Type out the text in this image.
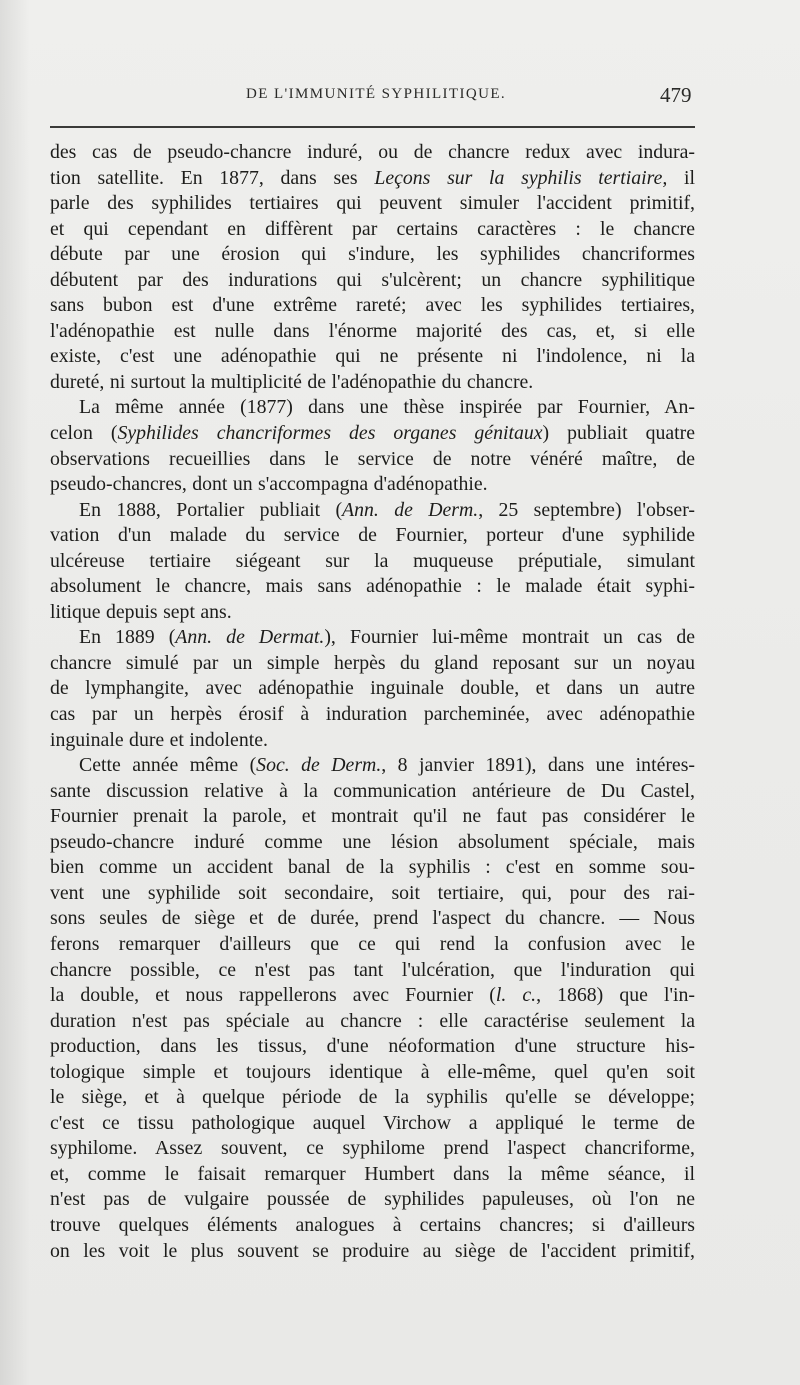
DE L'IMMUNITÉ SYPHILITIQUE.	479
des cas de pseudo-chancre induré, ou de chancre redux avec indura-
tion satellite. En 1877, dans ses Leçons sur la syphilis tertiaire, il
parle des syphilides tertiaires qui peuvent simuler l'accident primitif,
et qui cependant en diffèrent par certains caractères : le chancre
débute par une érosion qui s'indure, les syphilides chancriformes
débutent par des indurations qui s'ulcèrent; un chancre syphilitique
sans bubon est d'une extrême rareté; avec les syphilides tertiaires,
l'adénopathie est nulle dans l'énorme majorité des cas, et, si elle
existe, c'est une adénopathie qui ne présente ni l'indolence, ni la
dureté, ni surtout la multiplicité de l'adénopathie du chancre.
La même année (1877) dans une thèse inspirée par Fournier, An-
celon (Syphilides chancriformes des organes génitaux) publiait quatre
observations recueillies dans le service de notre vénéré maître, de
pseudo-chancres, dont un s'accompagna d'adénopathie.
En 1888, Portalier publiait (Ann. de Derm., 25 septembre) l'obser-
vation d'un malade du service de Fournier, porteur d'une syphilide
ulcéreuse tertiaire siégeant sur la muqueuse préputiale, simulant
absolument le chancre, mais sans adénopathie : le malade était syphi-
litique depuis sept ans.
En 1889 (Ann. de Dermat.), Fournier lui-même montrait un cas de
chancre simulé par un simple herpès du gland reposant sur un noyau
de lymphangite, avec adénopathie inguinale double, et dans un autre
cas par un herpès érosif à induration parcheminée, avec adénopathie
inguinale dure et indolente.
Cette année même (Soc. de Derm., 8 janvier 1891), dans une intéres-
sante discussion relative à la communication antérieure de Du Castel,
Fournier prenait la parole, et montrait qu'il ne faut pas considérer le
pseudo-chancre induré comme une lésion absolument spéciale, mais
bien comme un accident banal de la syphilis : c'est en somme sou-
vent une syphilide soit secondaire, soit tertiaire, qui, pour des rai-
sons seules de siège et de durée, prend l'aspect du chancre. — Nous
ferons remarquer d'ailleurs que ce qui rend la confusion avec le
chancre possible, ce n'est pas tant l'ulcération, que l'induration qui
la double, et nous rappellerons avec Fournier (l. c., 1868) que l'in-
duration n'est pas spéciale au chancre : elle caractérise seulement la
production, dans les tissus, d'une néoformation d'une structure his-
tologique simple et toujours identique à elle-même, quel qu'en soit
le siège, et à quelque période de la syphilis qu'elle se développe;
c'est ce tissu pathologique auquel Virchow a appliqué le terme de
syphilome. Assez souvent, ce syphilome prend l'aspect chancriforme,
et, comme le faisait remarquer Humbert dans la même séance, il
n'est pas de vulgaire poussée de syphilides papuleuses, où l'on ne
trouve quelques éléments analogues à certains chancres; si d'ailleurs
on les voit le plus souvent se produire au siège de l'accident primitif,
